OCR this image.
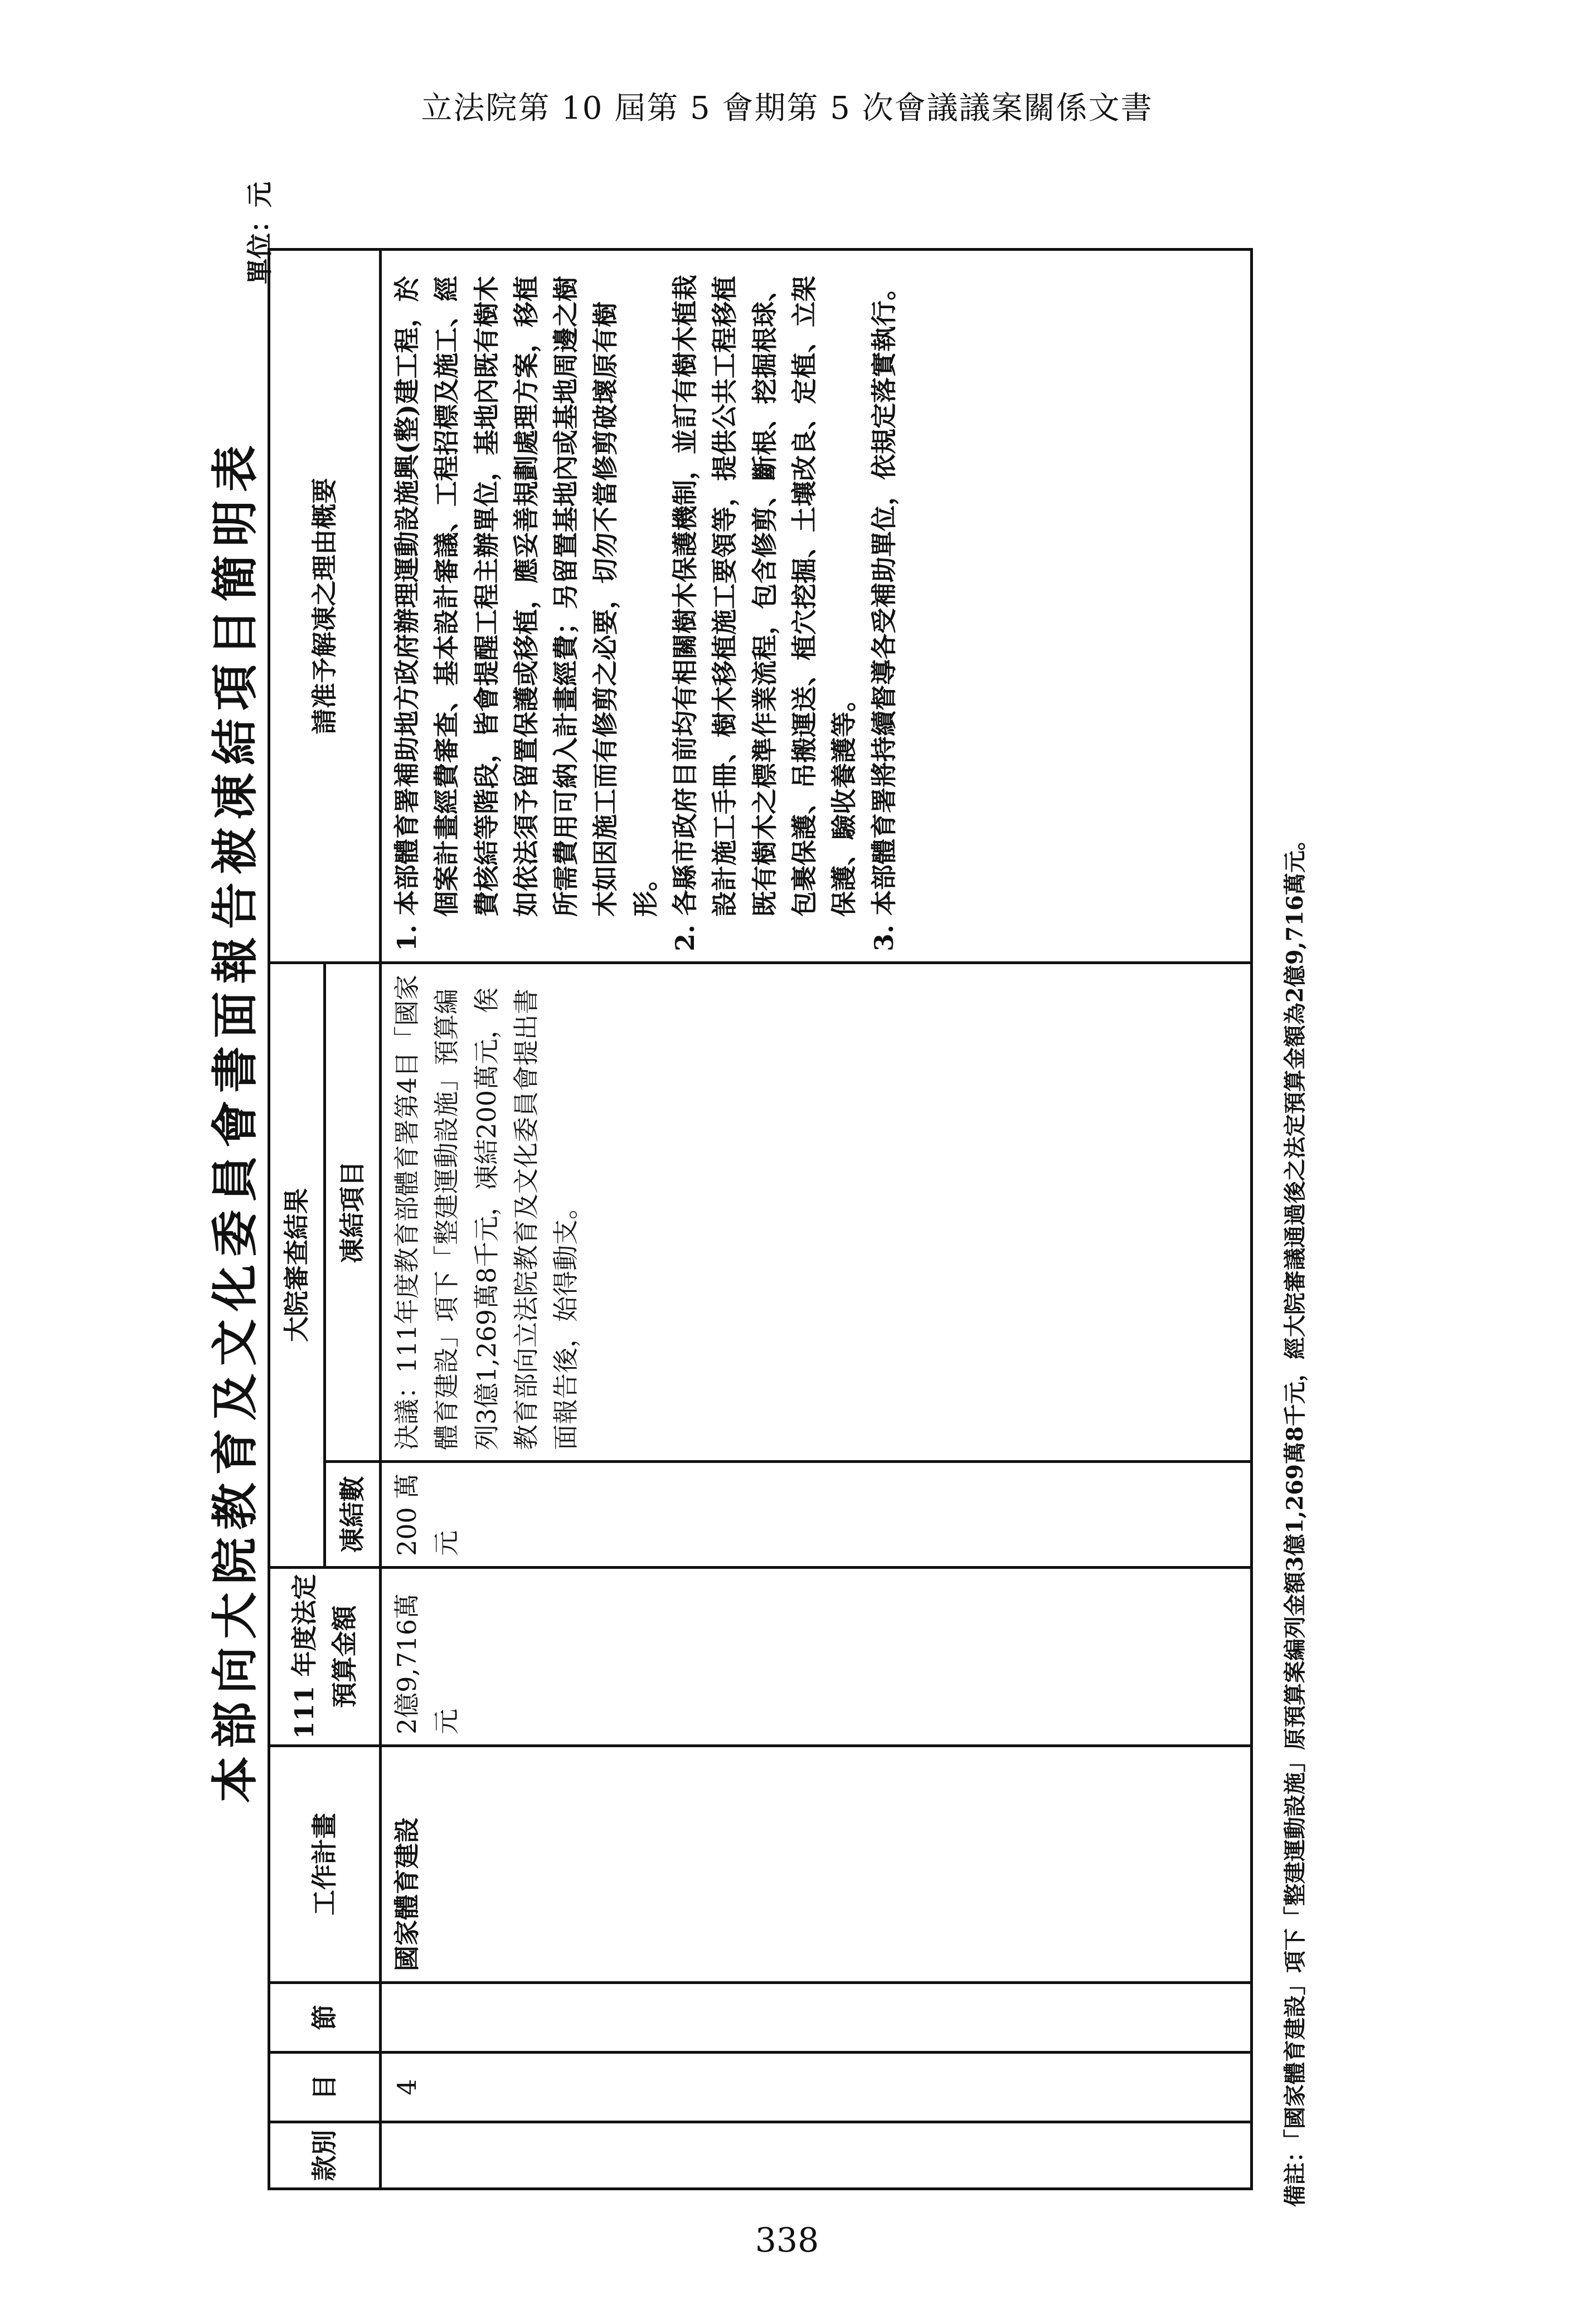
立法院第 10 屆第 5 會期第 5 次會議議案關係文書
本部向大院教育及文化委員會書面報告被凍結項目簡明表
單位：元
款別	目	節	工作計畫	111 年度法定 預算金額	大院審查結果		請准予解凍之理由概要
					凍結數	凍結項目	

	4		國家體育建設	2億9,716萬元	200 萬元	決議：111年度教育部體育署第4目「國家體育建設」項下「整建運動設施」預算編列3億1,269萬8千元，凍結200萬元，俟教育部向立法院教育及文化委員會提出書面報告後，始得動支。	1. 本部體育署補助地方政府辦理運動設施興(整)建工程，於個案計畫經費審查、基本設計審議、工程招標及施工、經費核結等階段，皆會提醒工程主辦單位，基地內既有樹木如依法須予留置保護或移植，應妥善規劃處理方案，移植所需費用可納入計畫經費；另留置基地內或基地周邊之樹木如因施工而有修剪之必要，切勿不當修剪破壞原有樹形。 2. 各縣市政府目前均有相關樹木保護機制，並訂有樹木植栽設計施工手冊、樹木移植施工要領等，提供公共工程移植既有樹木之標準作業流程，包含修剪、斷根、挖掘根球、包裹保護、吊搬運送、植穴挖掘、土壤改良、定植、立架保護、驗收養護等。 3. 本部體育署將持續督導各受補助單位，依規定落實執行。

備註：「國家體育建設」項下「整建運動設施」原預算案編列金額3億1,269萬8千元，經大院審議通過後之法定預算金額為2億9,716萬元。
338
